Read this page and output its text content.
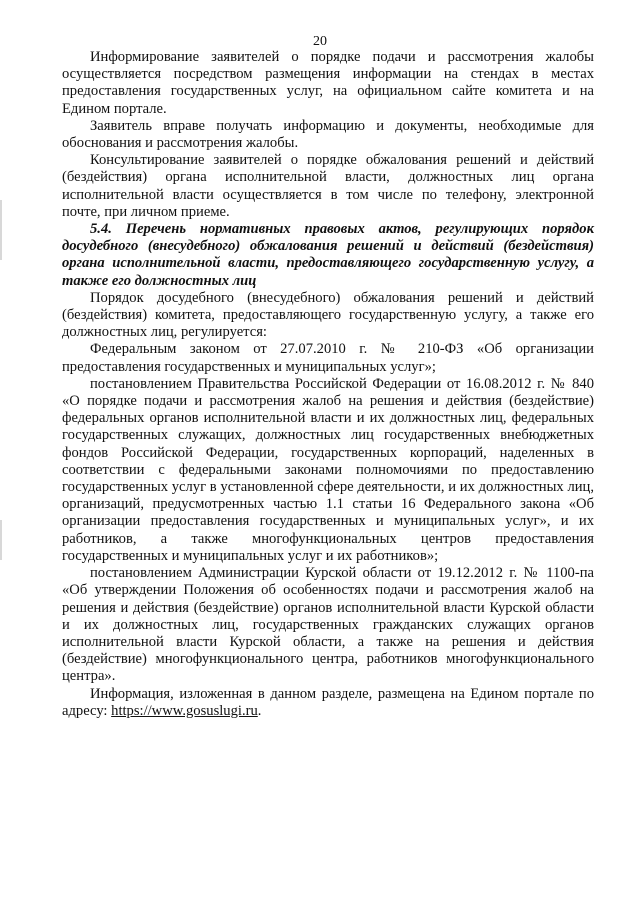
20

Информирование заявителей о порядке подачи и рассмотрения жалобы осуществляется посредством размещения информации на стендах в местах предоставления государственных услуг, на официальном сайте комитета и на Едином портале.

Заявитель вправе получать информацию и документы, необходимые для обоснования и рассмотрения жалобы.

Консультирование заявителей о порядке обжалования решений и действий (бездействия) органа исполнительной власти, должностных лиц органа исполнительной власти осуществляется в том числе по телефону, электронной почте, при личном приеме.

5.4. Перечень нормативных правовых актов, регулирующих порядок досудебного (внесудебного) обжалования решений и действий (бездействия) органа исполнительной власти, предоставляющего государственную услугу, а также его должностных лиц

Порядок досудебного (внесудебного) обжалования решений и действий (бездействия) комитета, предоставляющего государственную услугу, а также его должностных лиц, регулируется:

Федеральным законом от 27.07.2010 г. № 210-ФЗ «Об организации предоставления государственных и муниципальных услуг»;

постановлением Правительства Российской Федерации от 16.08.2012 г. № 840 «О порядке подачи и рассмотрения жалоб на решения и действия (бездействие) федеральных органов исполнительной власти и их должностных лиц, федеральных государственных служащих, должностных лиц государственных внебюджетных фондов Российской Федерации, государственных корпораций, наделенных в соответствии с федеральными законами полномочиями по предоставлению государственных услуг в установленной сфере деятельности, и их должностных лиц, организаций, предусмотренных частью 1.1 статьи 16 Федерального закона «Об организации предоставления государственных и муниципальных услуг», и их работников, а также многофункциональных центров предоставления государственных и муниципальных услуг и их работников»;

постановлением Администрации Курской области от 19.12.2012 г. № 1100-па «Об утверждении Положения об особенностях подачи и рассмотрения жалоб на решения и действия (бездействие) органов исполнительной власти Курской области и их должностных лиц, государственных гражданских служащих органов исполнительной власти Курской области, а также на решения и действия (бездействие) многофункционального центра, работников многофункционального центра».

Информация, изложенная в данном разделе, размещена на Едином портале по адресу: https://www.gosuslugi.ru.
